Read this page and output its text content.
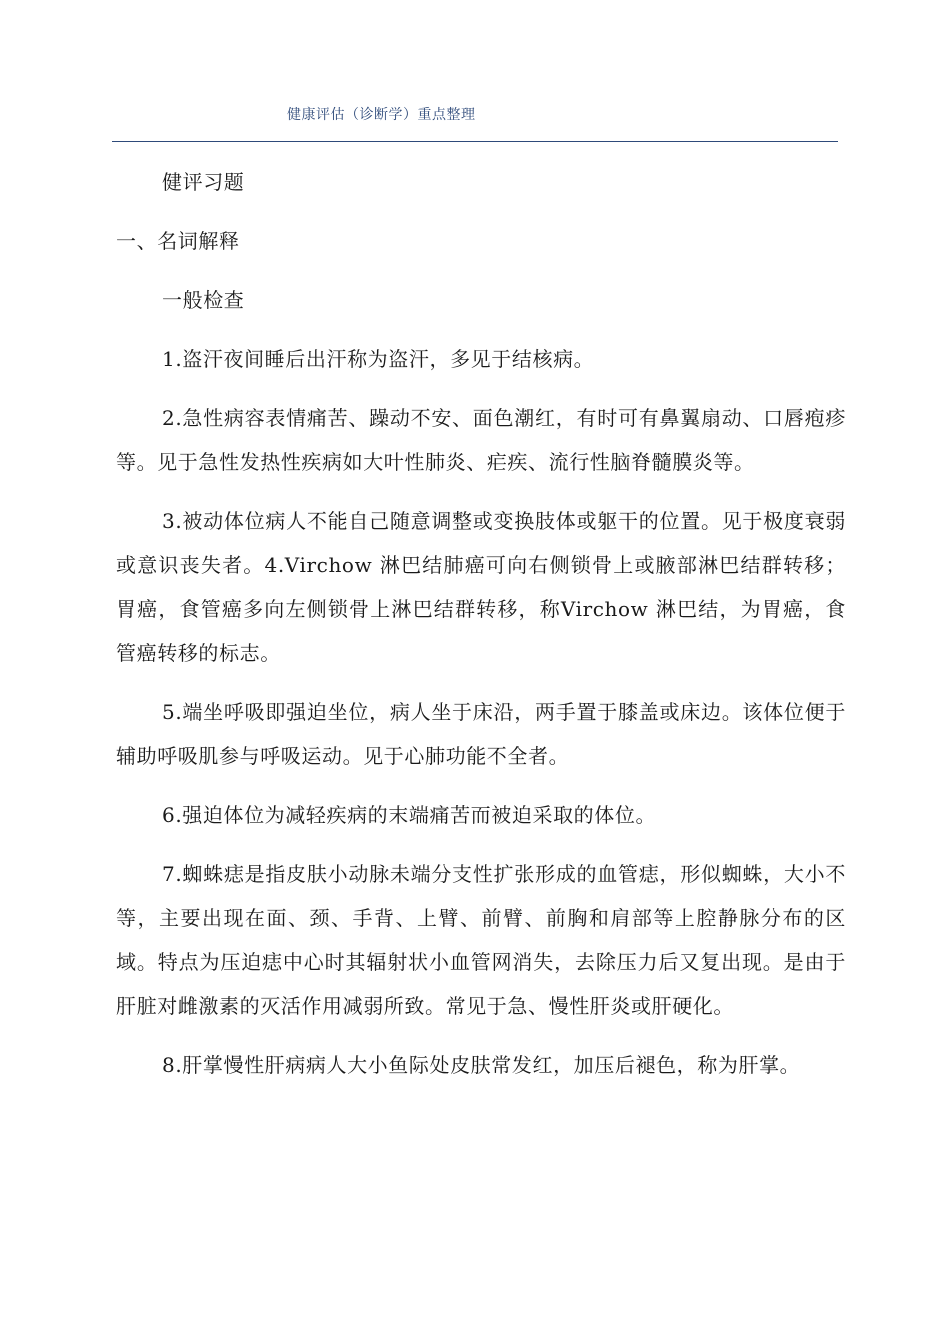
健康评估（诊断学）重点整理

健评习题

一、名词解释

一般检查

1.盗汗夜间睡后出汗称为盗汗，多见于结核病。

2.急性病容表情痛苦、躁动不安、面色潮红，有时可有鼻翼扇动、口唇疱疹等。见于急性发热性疾病如大叶性肺炎、疟疾、流行性脑脊髓膜炎等。

3.被动体位病人不能自己随意调整或变换肢体或躯干的位置。见于极度衰弱或意识丧失者。4.Virchow 淋巴结肺癌可向右侧锁骨上或腋部淋巴结群转移；胃癌，食管癌多向左侧锁骨上淋巴结群转移，称Virchow 淋巴结，为胃癌，食管癌转移的标志。

5.端坐呼吸即强迫坐位，病人坐于床沿，两手置于膝盖或床边。该体位便于辅助呼吸肌参与呼吸运动。见于心肺功能不全者。

6.强迫体位为减轻疾病的末端痛苦而被迫采取的体位。

7.蜘蛛痣是指皮肤小动脉未端分支性扩张形成的血管痣，形似蜘蛛，大小不等，主要出现在面、颈、手背、上臂、前臂、前胸和肩部等上腔静脉分布的区域。特点为压迫痣中心时其辐射状小血管网消失，去除压力后又复出现。是由于肝脏对雌激素的灭活作用减弱所致。常见于急、慢性肝炎或肝硬化。

8.肝掌慢性肝病病人大小鱼际处皮肤常发红，加压后褪色，称为肝掌。
